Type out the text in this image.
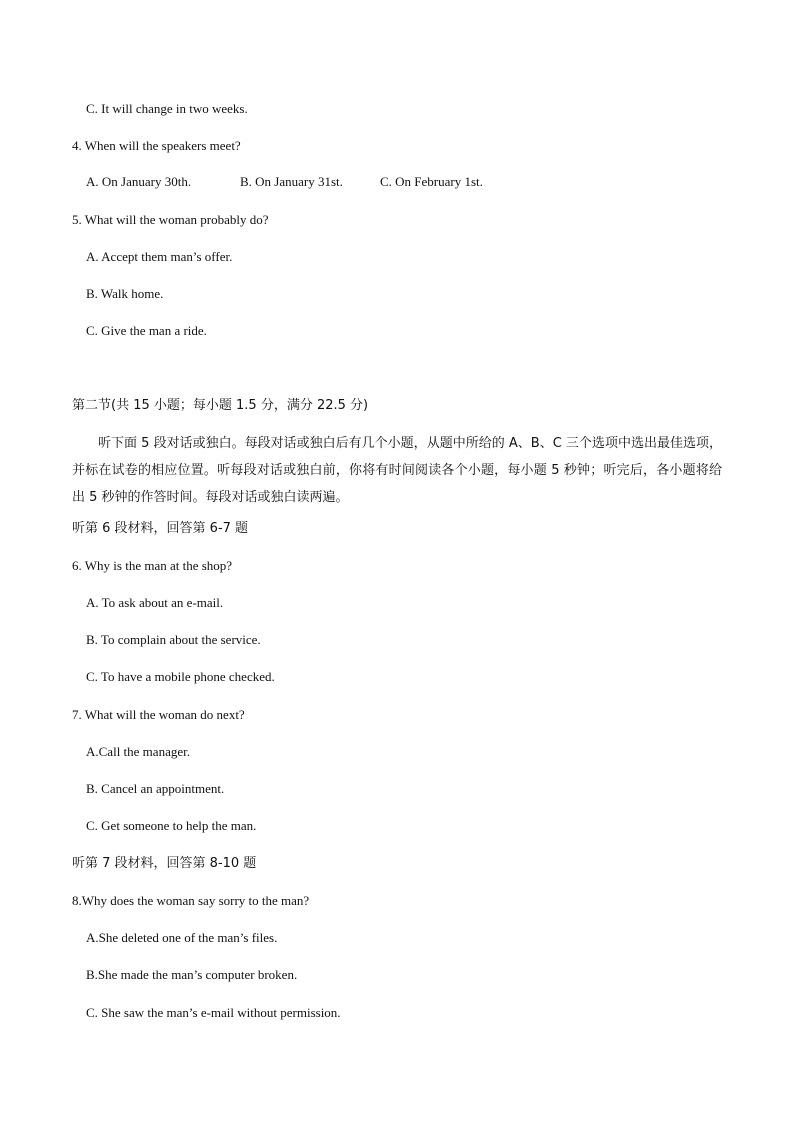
C. It will change in two weeks.
4. When will the speakers meet?
A. On January 30th.	B. On January 31st.	C. On February 1st.
5. What will the woman probably do?
A. Accept them man’s offer.
B. Walk home.
C. Give the man a ride.
第二节(共 15 小题；每小题 1.5 分，满分 22.5 分)
听下面 5 段对话或独白。每段对话或独白后有几个小题，从题中所给的 A、B、C 三个选项中选出最佳选项，并标在试卷的相应位置。听每段对话或独白前，你将有时间阅读各个小题，每小题 5 秒钟；听完后，各小题将给出 5 秒钟的作答时间。每段对话或独白读两遍。
听第 6 段材料，回答第 6-7 题
6. Why is the man at the shop?
A. To ask about an e-mail.
B. To complain about the service.
C. To have a mobile phone checked.
7. What will the woman do next?
A.Call the manager.
B. Cancel an appointment.
C. Get someone to help the man.
听第 7 段材料，回答第 8-10 题
8.Why does the woman say sorry to the man?
A.She deleted one of the man’s files.
B.She made the man’s computer broken.
C. She saw the man’s e-mail without permission.
